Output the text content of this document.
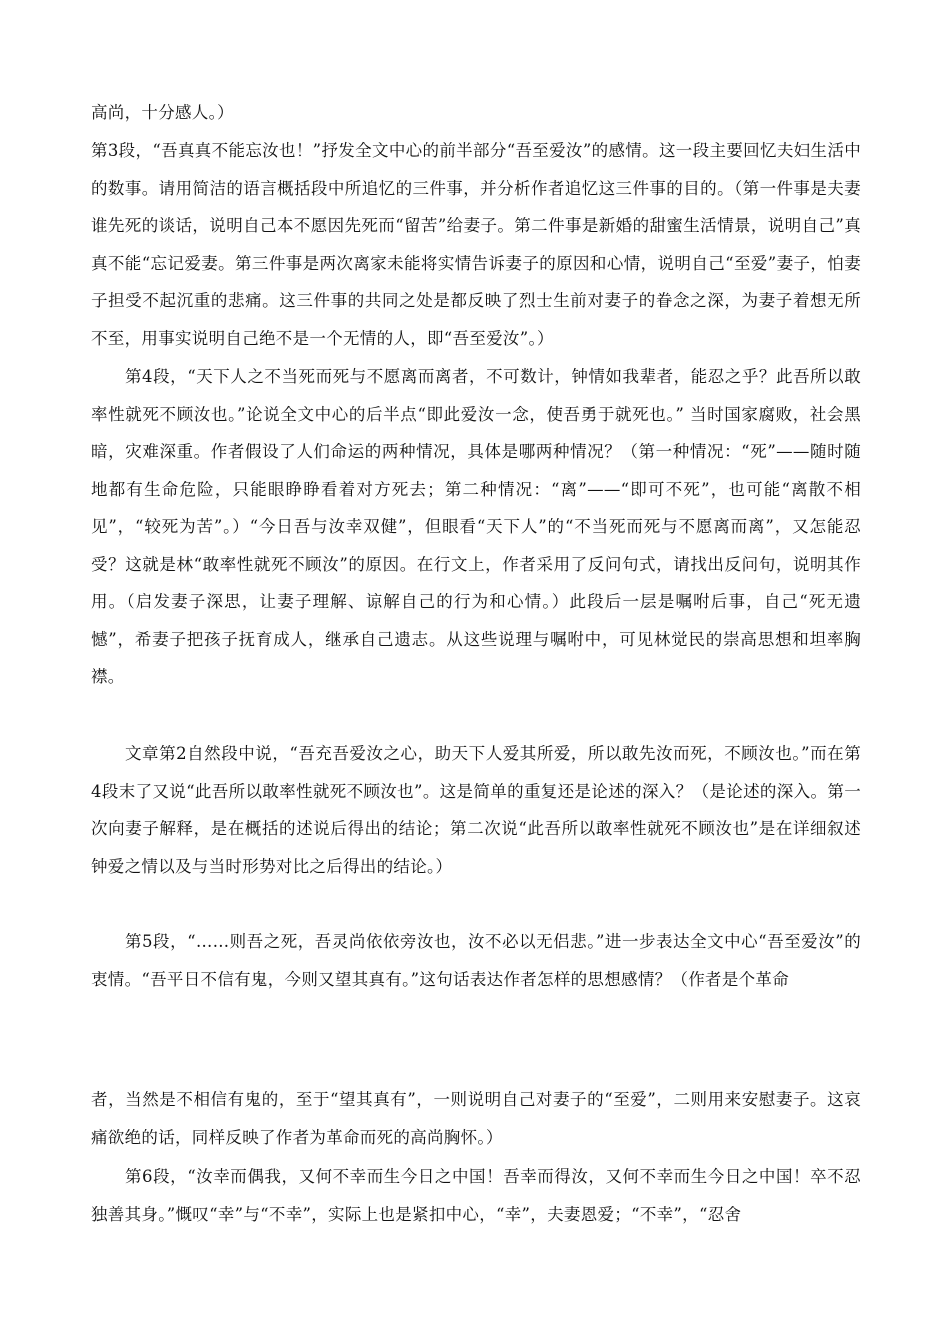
高尚，十分感人。）

第3段，“吾真真不能忘汝也！”抒发全文中心的前半部分“吾至爱汝”的感情。这一段主要回忆夫妇生活中的数事。请用简洁的语言概括段中所追忆的三件事，并分析作者追忆这三件事的目的。（第一件事是夫妻谁先死的谈话，说明自己本不愿因先死而“留苦”给妻子。第二件事是新婚的甜蜜生活情景，说明自己”真真不能“忘记爱妻。第三件事是两次离家未能将实情告诉妻子的原因和心情，说明自己“至爱”妻子，怕妻子担受不起沉重的悲痛。这三件事的共同之处是都反映了烈士生前对妻子的眷念之深，为妻子着想无所不至，用事实说明自己绝不是一个无情的人，即“吾至爱汝”。）

第4段，“天下人之不当死而死与不愿离而离者，不可数计，钟情如我辈者，能忍之乎？此吾所以敢率性就死不顾汝也。”论说全文中心的后半点“即此爱汝一念，使吾勇于就死也。” 当时国家腐败，社会黑暗，灾难深重。作者假设了人们命运的两种情况，具体是哪两种情况？（第一种情况：“死”——随时随地都有生命危险，只能眼睁睁看着对方死去；第二种情况：“离”——“即可不死”，也可能“离散不相见”，“较死为苦”。）“今日吾与汝幸双健”，但眼看“天下人”的“不当死而死与不愿离而离”，又怎能忍受？这就是林“敢率性就死不顾汝”的原因。在行文上，作者采用了反问句式，请找出反问句，说明其作用。（启发妻子深思，让妻子理解、谅解自己的行为和心情。）此段后一层是嘱咐后事，自己“死无遗憾”，希妻子把孩子抚育成人，继承自己遗志。从这些说理与嘱咐中，可见林觉民的崇高思想和坦率胸襟。

文章第2自然段中说，“吾充吾爱汝之心，助天下人爱其所爱，所以敢先汝而死，不顾汝也。”而在第4段末了又说“此吾所以敢率性就死不顾汝也”。这是简单的重复还是论述的深入？（是论述的深入。第一次向妻子解释，是在概括的述说后得出的结论；第二次说“此吾所以敢率性就死不顾汝也”是在详细叙述钟爱之情以及与当时形势对比之后得出的结论。）

第5段，“……则吾之死，吾灵尚依依旁汝也，汝不必以无侣悲。”进一步表达全文中心“吾至爱汝”的衷情。“吾平日不信有鬼，今则又望其真有。”这句话表达作者怎样的思想感情？（作者是个革命

者，当然是不相信有鬼的，至于“望其真有”，一则说明自己对妻子的“至爱”，二则用来安慰妻子。这哀痛欲绝的话，同样反映了作者为革命而死的高尚胸怀。）

第6段，“汝幸而偶我，又何不幸而生今日之中国！吾幸而得汝，又何不幸而生今日之中国！卒不忍独善其身。”慨叹“幸”与“不幸”，实际上也是紧扣中心，“幸”，夫妻恩爱；“不幸”，“忍舍
